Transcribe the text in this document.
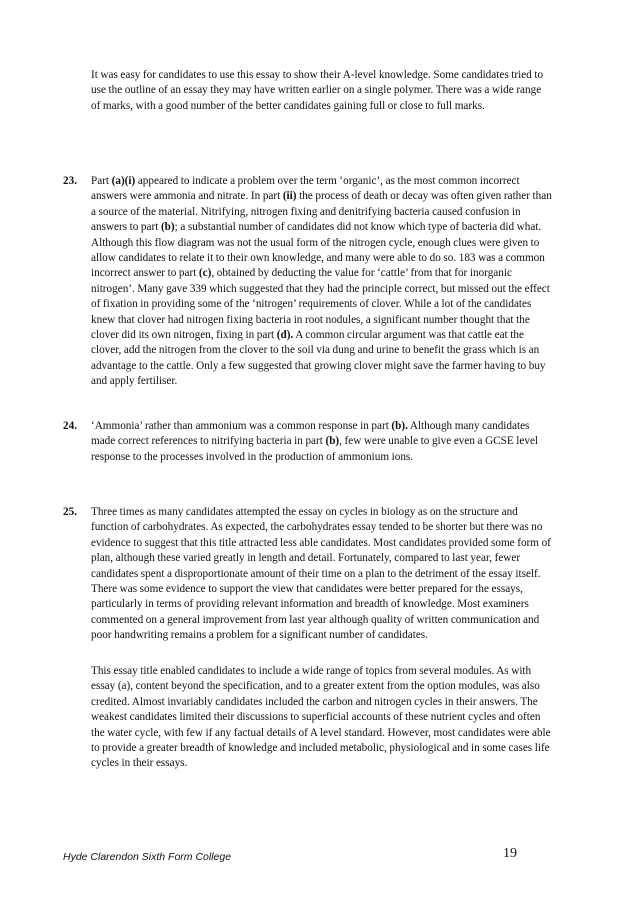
It was easy for candidates to use this essay to show their A-level knowledge. Some candidates tried to use the outline of an essay they may have written earlier on a single polymer. There was a wide range of marks, with a good number of the better candidates gaining full or close to full marks.

23. Part (a)(i) appeared to indicate a problem over the term ‘organic’, as the most common incorrect answers were ammonia and nitrate. In part (ii) the process of death or decay was often given rather than a source of the material. Nitrifying, nitrogen fixing and denitrifying bacteria caused confusion in answers to part (b); a substantial number of candidates did not know which type of bacteria did what. Although this flow diagram was not the usual form of the nitrogen cycle, enough clues were given to allow candidates to relate it to their own knowledge, and many were able to do so. 183 was a common incorrect answer to part (c), obtained by deducting the value for ‘cattle’ from that for inorganic nitrogen’. Many gave 339 which suggested that they had the principle correct, but missed out the effect of fixation in providing some of the ‘nitrogen’ requirements of clover. While a lot of the candidates knew that clover had nitrogen fixing bacteria in root nodules, a significant number thought that the clover did its own nitrogen, fixing in part (d). A common circular argument was that cattle eat the clover, add the nitrogen from the clover to the soil via dung and urine to benefit the grass which is an advantage to the cattle. Only a few suggested that growing clover might save the farmer having to buy and apply fertiliser.

24. ‘Ammonia’ rather than ammonium was a common response in part (b). Although many candidates made correct references to nitrifying bacteria in part (b), few were unable to give even a GCSE level response to the processes involved in the production of ammonium ions.

25. Three times as many candidates attempted the essay on cycles in biology as on the structure and function of carbohydrates. As expected, the carbohydrates essay tended to be shorter but there was no evidence to suggest that this title attracted less able candidates. Most candidates provided some form of plan, although these varied greatly in length and detail. Fortunately, compared to last year, fewer candidates spent a disproportionate amount of their time on a plan to the detriment of the essay itself. There was some evidence to support the view that candidates were better prepared for the essays, particularly in terms of providing relevant information and breadth of knowledge. Most examiners commented on a general improvement from last year although quality of written communication and poor handwriting remains a problem for a significant number of candidates.

This essay title enabled candidates to include a wide range of topics from several modules. As with essay (a), content beyond the specification, and to a greater extent from the option modules, was also credited. Almost invariably candidates included the carbon and nitrogen cycles in their answers. The weakest candidates limited their discussions to superficial accounts of these nutrient cycles and often the water cycle, with few if any factual details of A level standard. However, most candidates were able to provide a greater breadth of knowledge and included metabolic, physiological and in some cases life cycles in their essays.

Hyde Clarendon Sixth Form College	19
